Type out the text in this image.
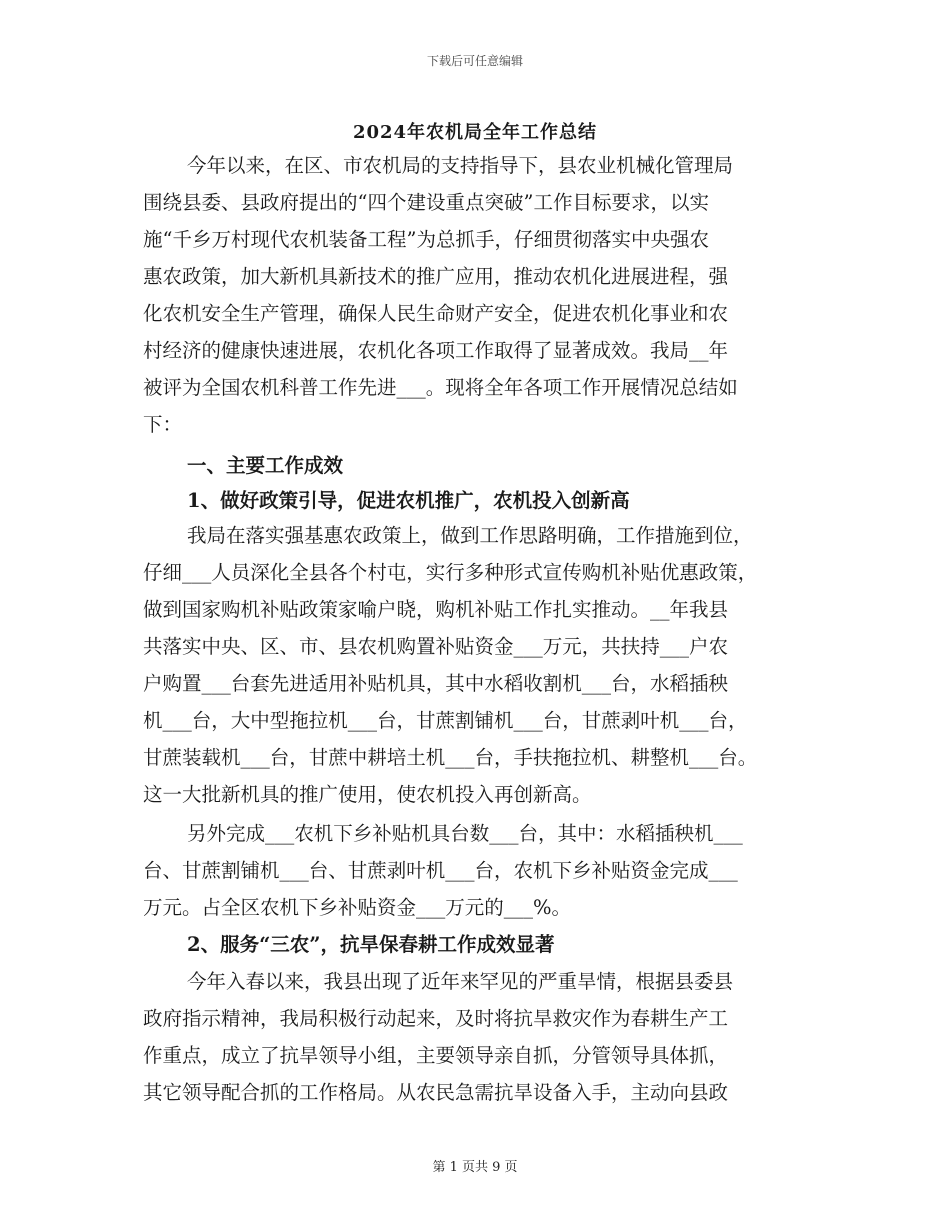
下载后可任意编辑
2024年农机局全年工作总结
今年以来，在区、市农机局的支持指导下，县农业机械化管理局
围绕县委、县政府提出的“四个建设重点突破”工作目标要求，以实
施“千乡万村现代农机装备工程”为总抓手，仔细贯彻落实中央强农
惠农政策，加大新机具新技术的推广应用，推动农机化进展进程，强
化农机安全生产管理，确保人民生命财产安全，促进农机化事业和农
村经济的健康快速进展，农机化各项工作取得了显著成效。我局__年
被评为全国农机科普工作先进___。现将全年各项工作开展情况总结如
下：
一、主要工作成效
1、做好政策引导，促进农机推广，农机投入创新高
我局在落实强基惠农政策上，做到工作思路明确，工作措施到位，
仔细___人员深化全县各个村屯，实行多种形式宣传购机补贴优惠政策，
做到国家购机补贴政策家喻户晓，购机补贴工作扎实推动。__年我县
共落实中央、区、市、县农机购置补贴资金___万元，共扶持___户农
户购置___台套先进适用补贴机具，其中水稻收割机___台，水稻插秧
机___台，大中型拖拉机___台，甘蔗割铺机___台，甘蔗剥叶机___台，
甘蔗装载机___台，甘蔗中耕培土机___台，手扶拖拉机、耕整机___台。
这一大批新机具的推广使用，使农机投入再创新高。
另外完成___农机下乡补贴机具台数___台，其中：水稻插秧机___
台、甘蔗割铺机___台、甘蔗剥叶机___台，农机下乡补贴资金完成___
万元。占全区农机下乡补贴资金___万元的___%。
2、服务“三农”，抗旱保春耕工作成效显著
今年入春以来，我县出现了近年来罕见的严重旱情，根据县委县
政府指示精神，我局积极行动起来，及时将抗旱救灾作为春耕生产工
作重点，成立了抗旱领导小组，主要领导亲自抓，分管领导具体抓，
其它领导配合抓的工作格局。从农民急需抗旱设备入手，主动向县政
第 1 页共 9 页
